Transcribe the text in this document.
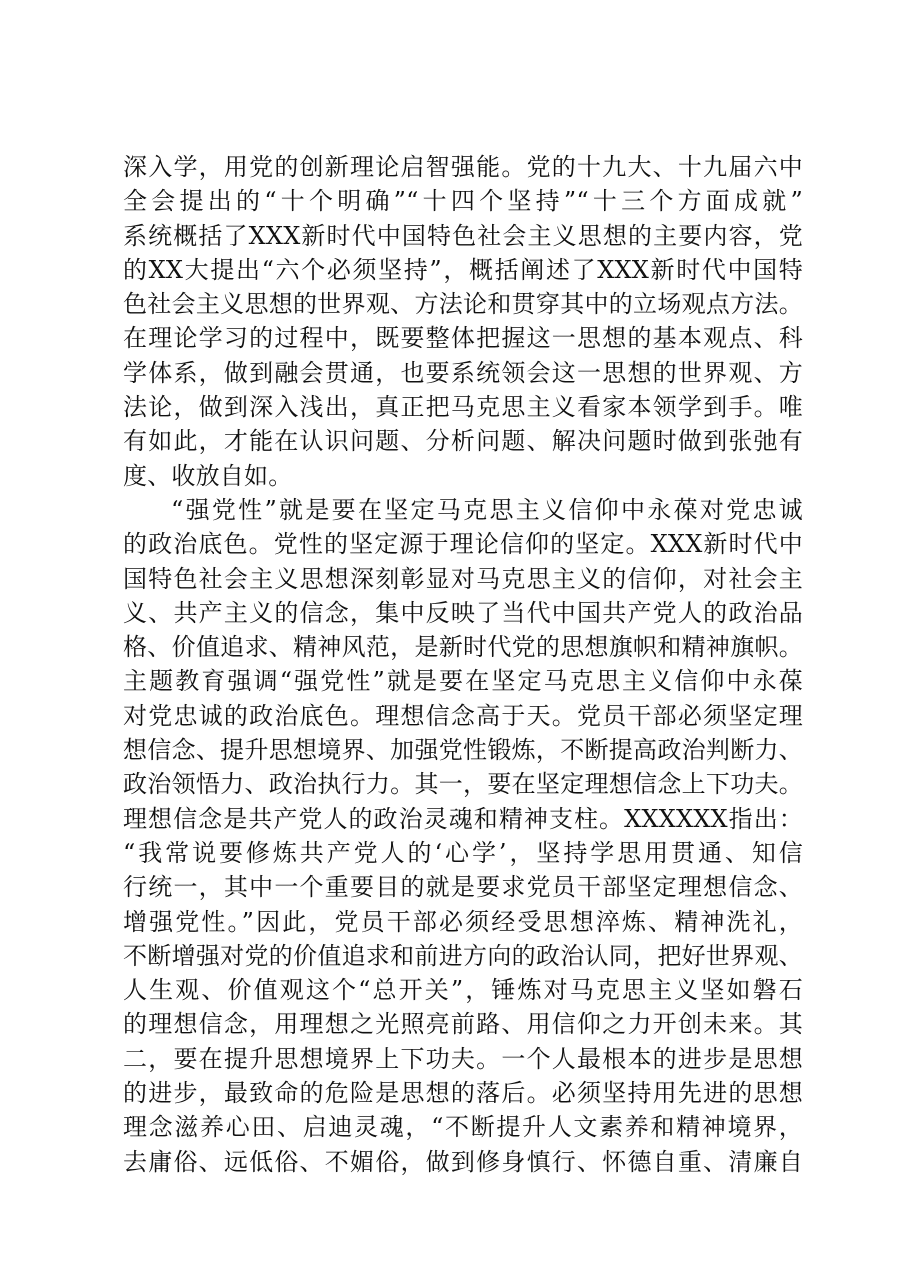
深入学，用党的创新理论启智强能。党的十九大、十九届六中
全会提出的“十个明确”“十四个坚持”“十三个方面成就”
系统概括了XXX新时代中国特色社会主义思想的主要内容，党
的XX大提出“六个必须坚持”，概括阐述了XXX新时代中国特
色社会主义思想的世界观、方法论和贯穿其中的立场观点方法。
在理论学习的过程中，既要整体把握这一思想的基本观点、科
学体系，做到融会贯通，也要系统领会这一思想的世界观、方
法论，做到深入浅出，真正把马克思主义看家本领学到手。唯
有如此，才能在认识问题、分析问题、解决问题时做到张弛有
度、收放自如。
“强党性”就是要在坚定马克思主义信仰中永葆对党忠诚
的政治底色。党性的坚定源于理论信仰的坚定。XXX新时代中
国特色社会主义思想深刻彰显对马克思主义的信仰，对社会主
义、共产主义的信念，集中反映了当代中国共产党人的政治品
格、价值追求、精神风范，是新时代党的思想旗帜和精神旗帜。
主题教育强调“强党性”就是要在坚定马克思主义信仰中永葆
对党忠诚的政治底色。理想信念高于天。党员干部必须坚定理
想信念、提升思想境界、加强党性锻炼，不断提高政治判断力、
政治领悟力、政治执行力。其一，要在坚定理想信念上下功夫。
理想信念是共产党人的政治灵魂和精神支柱。XXXXXX指出：
“我常说要修炼共产党人的‘心学’，坚持学思用贯通、知信
行统一，其中一个重要目的就是要求党员干部坚定理想信念、
增强党性。”因此，党员干部必须经受思想淬炼、精神洗礼，
不断增强对党的价值追求和前进方向的政治认同，把好世界观、
人生观、价值观这个“总开关”，锤炼对马克思主义坚如磐石
的理想信念，用理想之光照亮前路、用信仰之力开创未来。其
二，要在提升思想境界上下功夫。一个人最根本的进步是思想
的进步，最致命的危险是思想的落后。必须坚持用先进的思想
理念滋养心田、启迪灵魂，“不断提升人文素养和精神境界，
去庸俗、远低俗、不媚俗，做到修身慎行、怀德自重、清廉自
